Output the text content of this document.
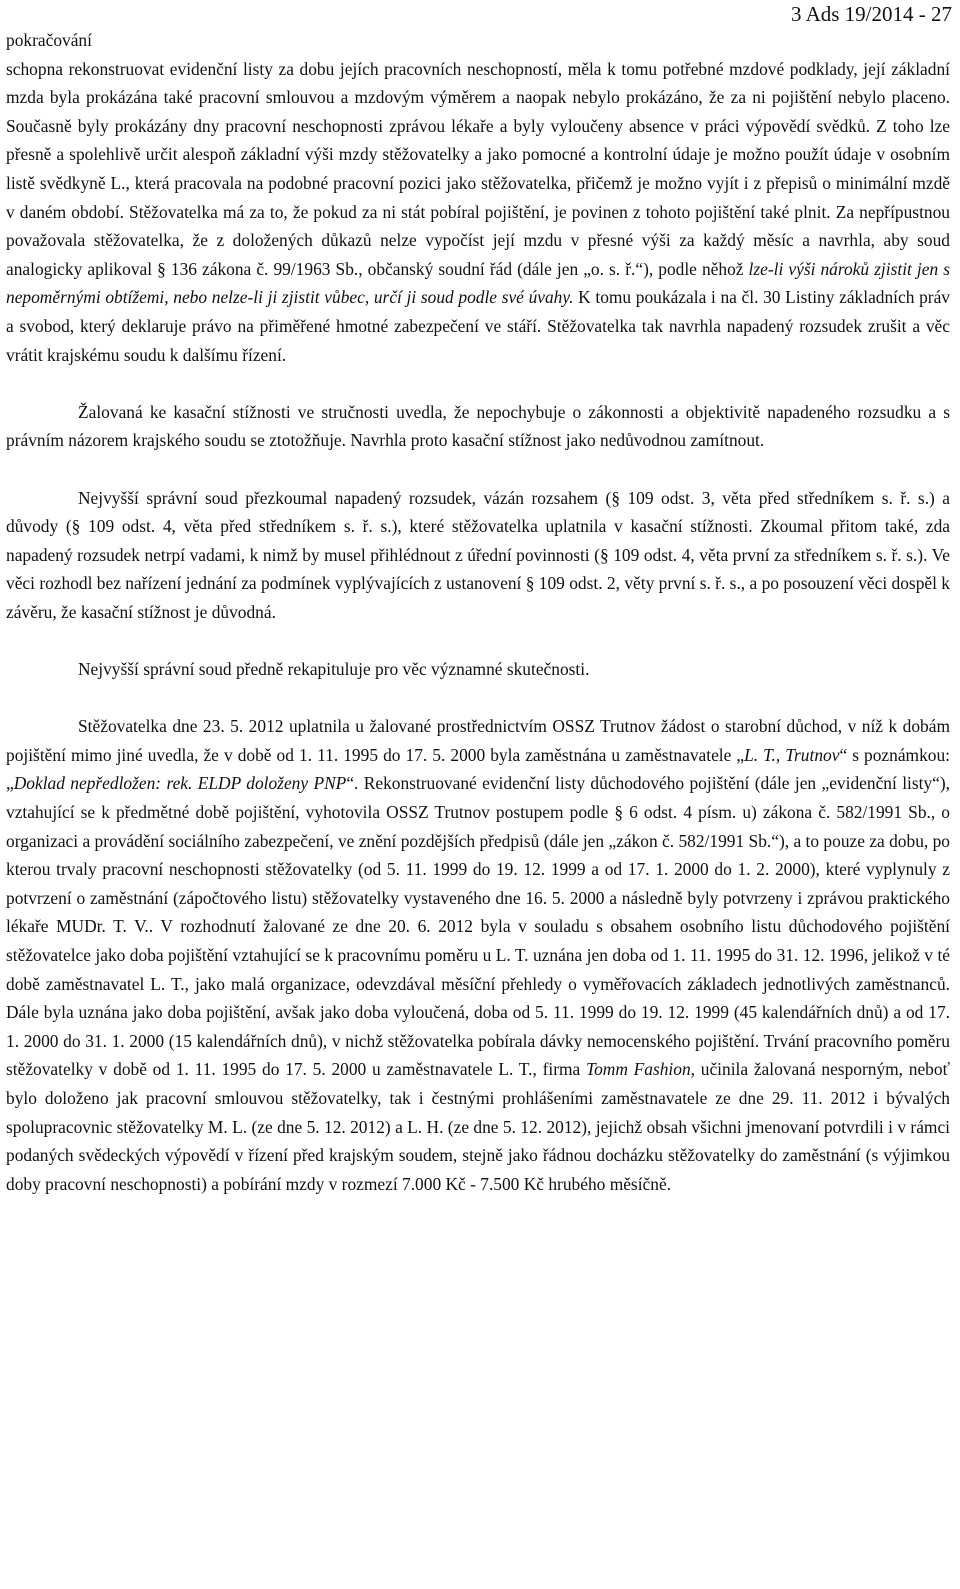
3 Ads 19/2014 - 27

pokračování

schopna rekonstruovat evidenční listy za dobu jejích pracovních neschopností, měla k tomu potřebné mzdové podklady, její základní mzda byla prokázána také pracovní smlouvou a mzdovým výměrem a naopak nebylo prokázáno, že za ni pojištění nebylo placeno. Současně byly prokázány dny pracovní neschopnosti zprávou lékaře a byly vyloučeny absence v práci výpovědí svědků. Z toho lze přesně a spolehlivě určit alespoň základní výši mzdy stěžovatelky a jako pomocné a kontrolní údaje je možno použít údaje v osobním listě svědkyně L., která pracovala na podobné pracovní pozici jako stěžovatelka, přičemž je možno vyjít i z přepisů o minimální mzdě v daném období. Stěžovatelka má za to, že pokud za ni stát pobíral pojištění, je povinen z tohoto pojištění také plnit. Za nepřípustnou považovala stěžovatelka, že z doložených důkazů nelze vypočíst její mzdu v přesné výši za každý měsíc a navrhla, aby soud analogicky aplikoval § 136 zákona č. 99/1963 Sb., občanský soudní řád (dále jen „o. s. ř.“), podle něhož lze-li výši nároků zjistit jen s nepoměrnými obtížemi, nebo nelze-li ji zjistit vůbec, určí ji soud podle své úvahy. K tomu poukázala i na čl. 30 Listiny základních práv a svobod, který deklaruje právo na přiměřené hmotné zabezpečení ve stáří. Stěžovatelka tak navrhla napadený rozsudek zrušit a věc vrátit krajskému soudu k dalšímu řízení.

Žalovaná ke kasační stížnosti ve stručnosti uvedla, že nepochybuje o zákonnosti a objektivitě napadeného rozsudku a s právním názorem krajského soudu se ztotožňuje. Navrhla proto kasační stížnost jako nedůvodnou zamítnout.

Nejvyšší správní soud přezkoumal napadený rozsudek, vázán rozsahem (§ 109 odst. 3, věta před středníkem s. ř. s.) a důvody (§ 109 odst. 4, věta před středníkem s. ř. s.), které stěžovatelka uplatnila v kasační stížnosti. Zkoumal přitom také, zda napadený rozsudek netrpí vadami, k nimž by musel přihlédnout z úřední povinnosti (§ 109 odst. 4, věta první za středníkem s. ř. s.). Ve věci rozhodl bez nařízení jednání za podmínek vyplývajících z ustanovení § 109 odst. 2, věty první s. ř. s., a po posouzení věci dospěl k závěru, že kasační stížnost je důvodná.

Nejvyšší správní soud předně rekapituluje pro věc významné skutečnosti.

Stěžovatelka dne 23. 5. 2012 uplatnila u žalované prostřednictvím OSSZ Trutnov žádost o starobní důchod, v níž k dobám pojištění mimo jiné uvedla, že v době od 1. 11. 1995 do 17. 5. 2000 byla zaměstnána u zaměstnavatele „L. T., Trutnov“ s poznámkou: „Doklad nepředložen: rek. ELDP doloženy PNP“. Rekonstruované evidenční listy důchodového pojištění (dále jen „evidenční listy“), vztahující se k předmětné době pojištění, vyhotovila OSSZ Trutnov postupem podle § 6 odst. 4 písm. u) zákona č. 582/1991 Sb., o organizaci a provádění sociálního zabezpečení, ve znění pozdějších předpisů (dále jen „zákon č. 582/1991 Sb.“), a to pouze za dobu, po kterou trvaly pracovní neschopnosti stěžovatelky (od 5. 11. 1999 do 19. 12. 1999 a od 17. 1. 2000 do 1. 2. 2000), které vyplynuly z potvrzení o zaměstnání (zápočtového listu) stěžovatelky vystaveného dne 16. 5. 2000 a následně byly potvrzeny i zprávou praktického lékaře MUDr. T. V.. V rozhodnutí žalované ze dne 20. 6. 2012 byla v souladu s obsahem osobního listu důchodového pojištění stěžovatelce jako doba pojištění vztahující se k pracovnímu poměru u L. T. uznána jen doba od 1. 11. 1995 do 31. 12. 1996, jelikož v té době zaměstnavatel L. T., jako malá organizace, odevzdával měsíční přehledy o vyměřovacích základech jednotlivých zaměstnanců. Dále byla uznána jako doba pojištění, avšak jako doba vyloučená, doba od 5. 11. 1999 do 19. 12. 1999 (45 kalendářních dnů) a od 17. 1. 2000 do 31. 1. 2000 (15 kalendářních dnů), v nichž stěžovatelka pobírala dávky nemocenského pojištění. Trvání pracovního poměru stěžovatelky v době od 1. 11. 1995 do 17. 5. 2000 u zaměstnavatele L. T., firma Tomm Fashion, učinila žalovaná nesporným, neboť bylo doloženo jak pracovní smlouvou stěžovatelky, tak i čestnými prohlášeními zaměstnavatele ze dne 29. 11. 2012 i bývalých spolupracovnic stěžovatelky M. L. (ze dne 5. 12. 2012) a L. H. (ze dne 5. 12. 2012), jejichž obsah všichni jmenovaní potvrdili i v rámci podaných svědeckých výpovědí v řízení před krajským soudem, stejně jako řádnou docházku stěžovatelky do zaměstnání (s výjimkou doby pracovní neschopnosti) a pobírání mzdy v rozmezí 7.000 Kč - 7.500 Kč hrubého měsíčně.
